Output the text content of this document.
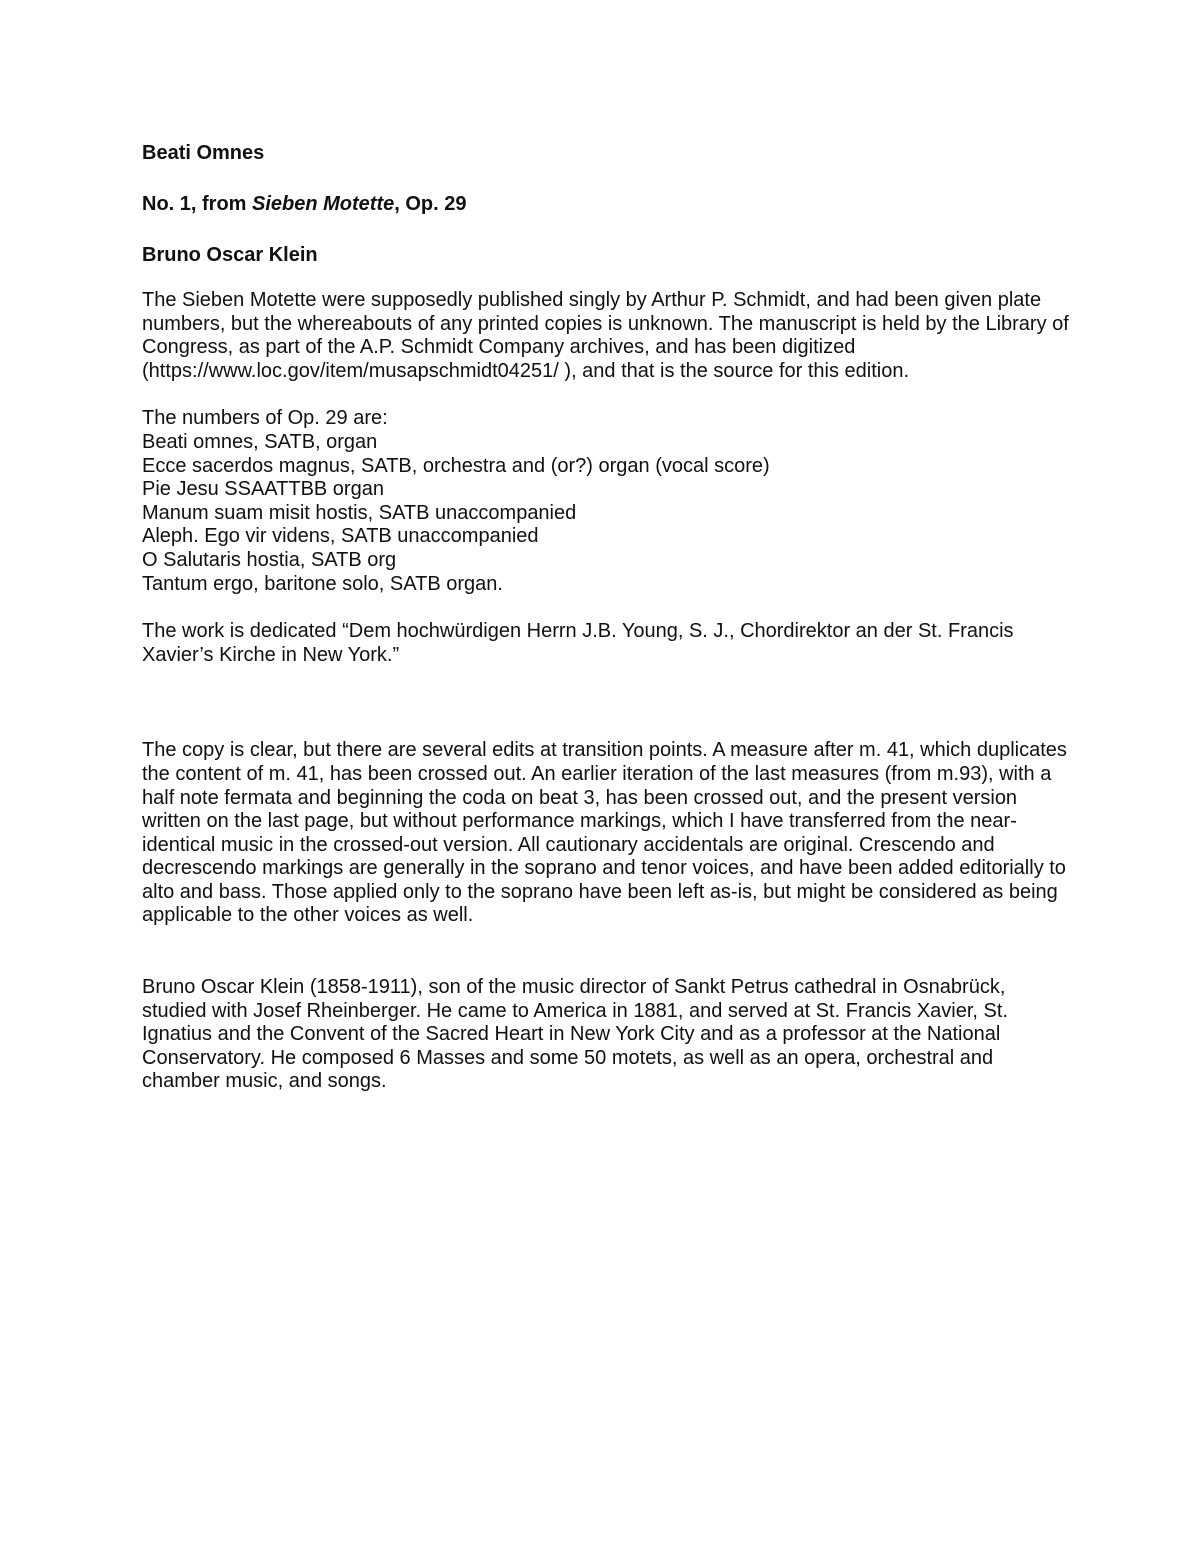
Beati Omnes
No. 1, from Sieben Motette, Op. 29
Bruno Oscar Klein

The Sieben Motette were supposedly published singly by Arthur P. Schmidt, and had been given plate numbers, but the whereabouts of any printed copies is unknown. The manuscript is held by the Library of Congress, as part of the A.P. Schmidt Company archives, and has been digitized (https://www.loc.gov/item/musapschmidt04251/ ), and that is the source for this edition.

The numbers of Op. 29 are:
Beati omnes, SATB, organ
Ecce sacerdos magnus, SATB, orchestra and (or?) organ (vocal score)
Pie Jesu SSAATTBB organ
Manum suam misit hostis, SATB unaccompanied
Aleph. Ego vir videns, SATB unaccompanied
O Salutaris hostia, SATB org
Tantum ergo, baritone solo, SATB organ.

The work is dedicated “Dem hochwürdigen Herrn J.B. Young, S. J., Chordirektor an der St. Francis Xavier’s Kirche in New York.”

The copy is clear, but there are several edits at transition points. A measure after m. 41, which duplicates the content of m. 41, has been crossed out. An earlier iteration of the last measures (from m.93), with a half note fermata and beginning the coda on beat 3, has been crossed out, and the present version written on the last page, but without performance markings, which I have transferred from the near-identical music in the crossed-out version. All cautionary accidentals are original. Crescendo and decrescendo markings are generally in the soprano and tenor voices, and have been added editorially to alto and bass. Those applied only to the soprano have been left as-is, but might be considered as being applicable to the other voices as well.

Bruno Oscar Klein (1858-1911), son of the music director of Sankt Petrus cathedral in Osnabrück, studied with Josef Rheinberger. He came to America in 1881, and served at St. Francis Xavier, St. Ignatius and the Convent of the Sacred Heart in New York City and as a professor at the National Conservatory. He composed 6 Masses and some 50 motets, as well as an opera, orchestral and chamber music, and songs.
